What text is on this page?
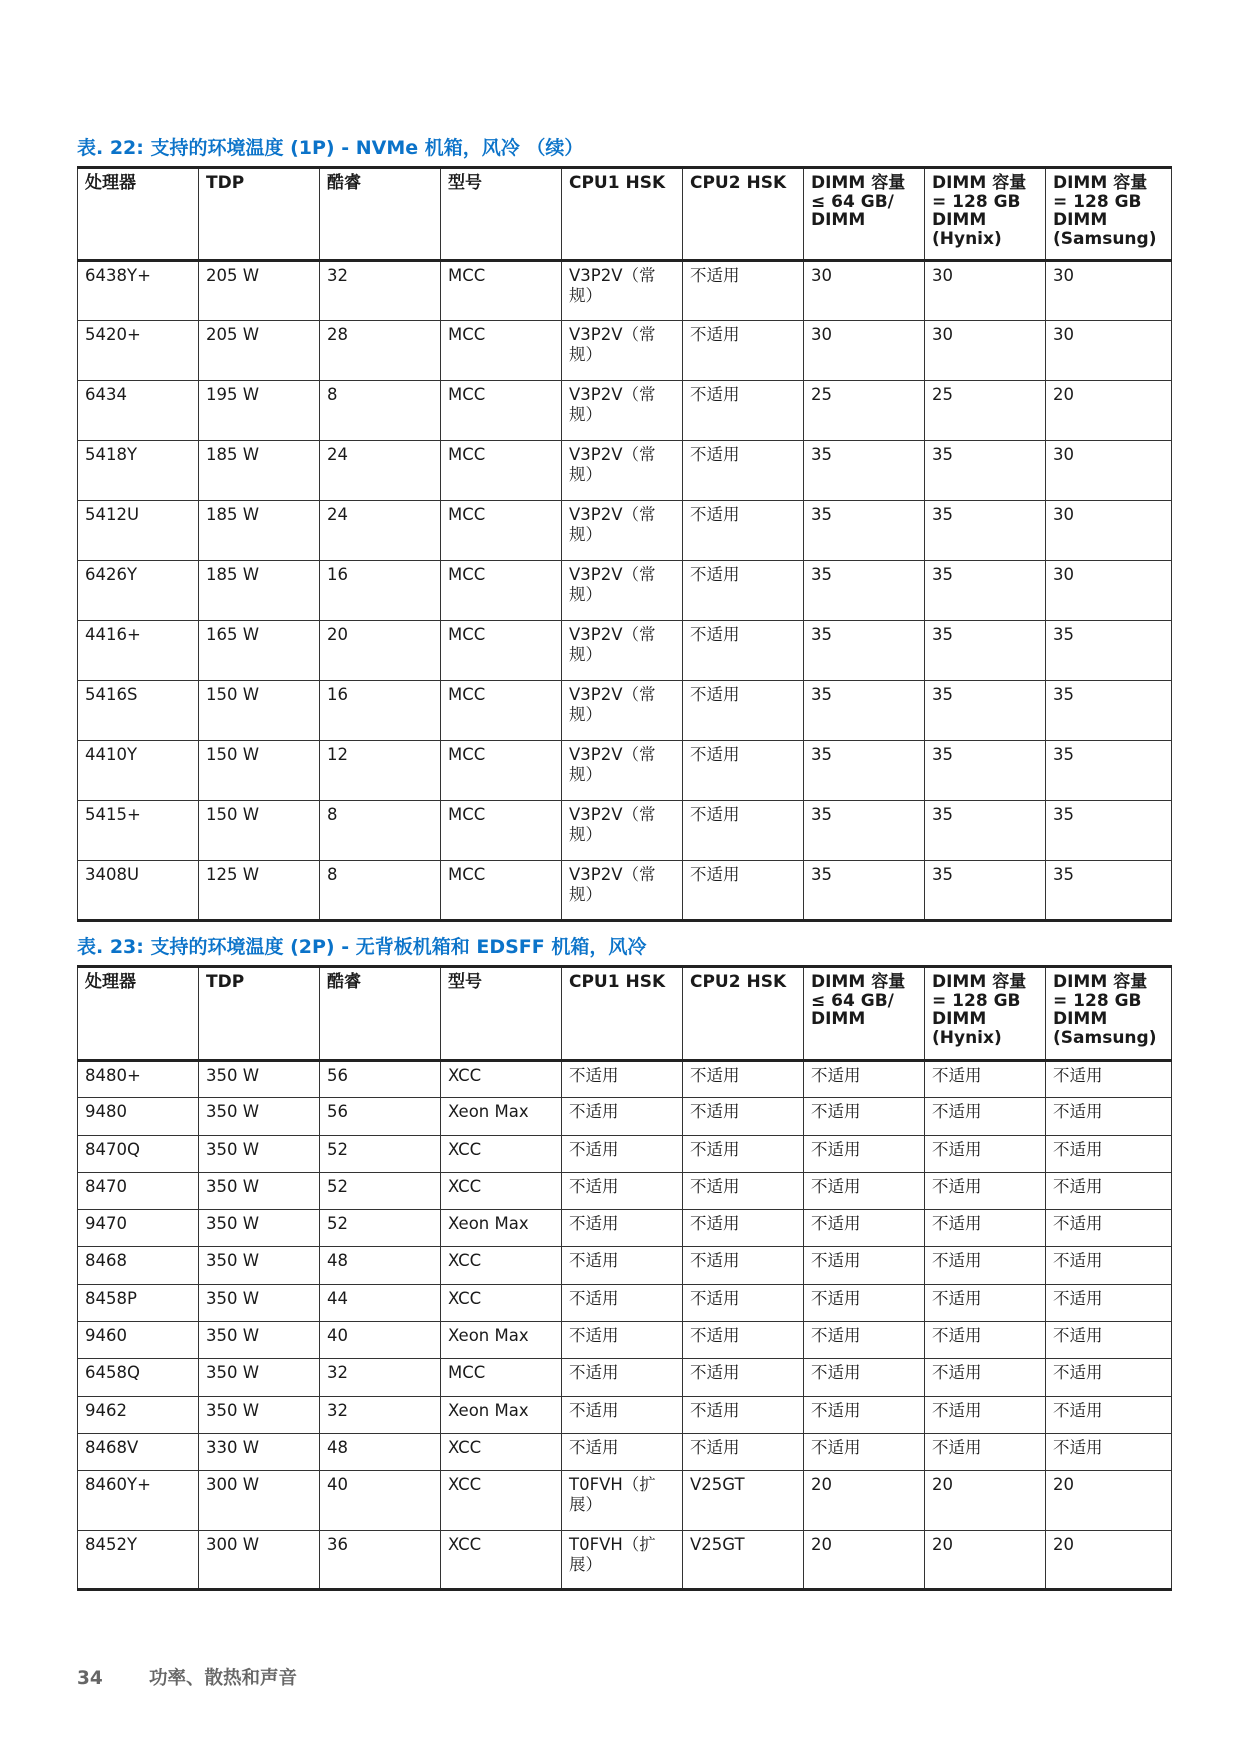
表. 22: 支持的环境温度 (1P) - NVMe 机箱，风冷 （续）
处理器	TDP	酷睿	型号	CPU1 HSK	CPU2 HSK	DIMM 容量 ≤ 64 GB/ DIMM	DIMM 容量 = 128 GB DIMM (Hynix)	DIMM 容量 = 128 GB DIMM (Samsung)
6438Y+	205 W	32	MCC	V3P2V（常规）	不适用	30	30	30
5420+	205 W	28	MCC	V3P2V（常规）	不适用	30	30	30
6434	195 W	8	MCC	V3P2V（常规）	不适用	25	25	20
5418Y	185 W	24	MCC	V3P2V（常规）	不适用	35	35	30
5412U	185 W	24	MCC	V3P2V（常规）	不适用	35	35	30
6426Y	185 W	16	MCC	V3P2V（常规）	不适用	35	35	30
4416+	165 W	20	MCC	V3P2V（常规）	不适用	35	35	35
5416S	150 W	16	MCC	V3P2V（常规）	不适用	35	35	35
4410Y	150 W	12	MCC	V3P2V（常规）	不适用	35	35	35
5415+	150 W	8	MCC	V3P2V（常规）	不适用	35	35	35
3408U	125 W	8	MCC	V3P2V（常规）	不适用	35	35	35
表. 23: 支持的环境温度 (2P) - 无背板机箱和 EDSFF 机箱，风冷
处理器	TDP	酷睿	型号	CPU1 HSK	CPU2 HSK	DIMM 容量 ≤ 64 GB/ DIMM	DIMM 容量 = 128 GB DIMM (Hynix)	DIMM 容量 = 128 GB DIMM (Samsung)
8480+	350 W	56	XCC	不适用	不适用	不适用	不适用	不适用
9480	350 W	56	Xeon Max	不适用	不适用	不适用	不适用	不适用
8470Q	350 W	52	XCC	不适用	不适用	不适用	不适用	不适用
8470	350 W	52	XCC	不适用	不适用	不适用	不适用	不适用
9470	350 W	52	Xeon Max	不适用	不适用	不适用	不适用	不适用
8468	350 W	48	XCC	不适用	不适用	不适用	不适用	不适用
8458P	350 W	44	XCC	不适用	不适用	不适用	不适用	不适用
9460	350 W	40	Xeon Max	不适用	不适用	不适用	不适用	不适用
6458Q	350 W	32	MCC	不适用	不适用	不适用	不适用	不适用
9462	350 W	32	Xeon Max	不适用	不适用	不适用	不适用	不适用
8468V	330 W	48	XCC	不适用	不适用	不适用	不适用	不适用
8460Y+	300 W	40	XCC	T0FVH（扩展）	V25GT	20	20	20
8452Y	300 W	36	XCC	T0FVH（扩展）	V25GT	20	20	20
34	功率、散热和声音
